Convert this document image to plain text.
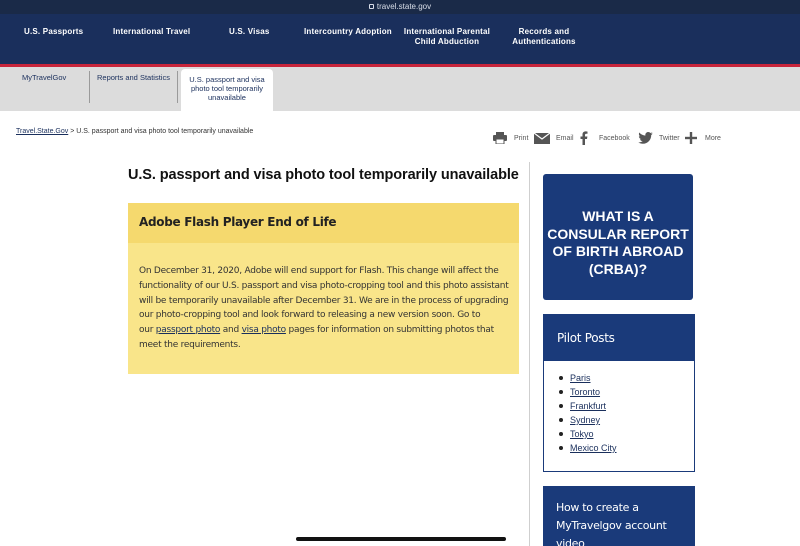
travel.state.gov
U.S. Passports	International Travel	U.S. Visas	Intercountry Adoption	International Parental
Child Abduction
Records and
Authentications
MyTravelGov	Reports and Statistics	U.S. passport and visa
photo tool temporarily
unavailable
Travel.State.Gov > U.S. passport and visa photo tool temporarily unavailable
Print	Email	Facebook	Twitter	More
U.S. passport and visa photo tool temporarily unavailable
Adobe Flash Player End of Life
On December 31, 2020, Adobe will end support for Flash. This change will affect the
functionality of our U.S. passport and visa photo-cropping tool and this photo assistant
will be temporarily unavailable after December 31. We are in the process of upgrading
our photo-cropping tool and look forward to releasing a new version soon. Go to
our passport photo and visa photo pages for information on submitting photos that
meet the requirements.
WHAT IS A
CONSULAR REPORT
OF BIRTH ABROAD
(CRBA)?
Pilot Posts
Paris
Toronto
Frankfurt
Sydney
Tokyo
Mexico City
How to create a
MyTravelgov account
video
